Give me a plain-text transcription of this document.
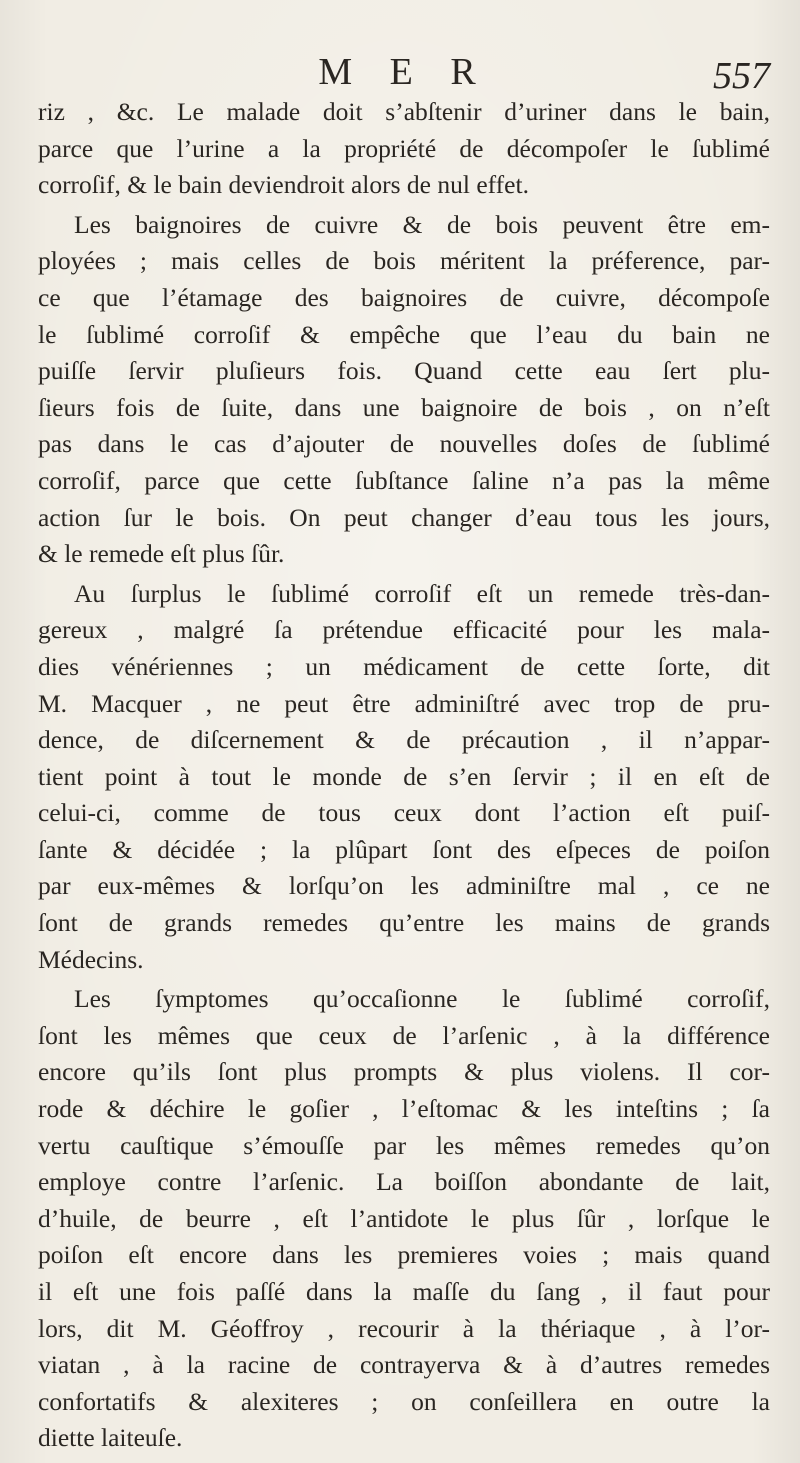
M E R	557

riz , &c. Le malade doit s’abſtenir d’uriner dans le bain,
parce que l’urine a la propriété de décompoſer le ſublimé
corroſif, & le bain deviendroit alors de nul effet.

Les baignoires de cuivre & de bois peuvent être em-
ployées ; mais celles de bois méritent la préference, par-
ce que l’étamage des baignoires de cuivre, décompoſe
le ſublimé corroſif & empêche que l’eau du bain ne
puiſſe ſervir pluſieurs fois. Quand cette eau ſert plu-
ſieurs fois de ſuite, dans une baignoire de bois , on n’eſt
pas dans le cas d’ajouter de nouvelles doſes de ſublimé
corroſif, parce que cette ſubſtance ſaline n’a pas la même
action ſur le bois. On peut changer d’eau tous les jours,
& le remede eſt plus ſûr.

Au ſurplus le ſublimé corroſif eſt un remede très-dan-
gereux , malgré ſa prétendue efficacité pour les mala-
dies vénériennes ; un médicament de cette ſorte, dit
M. Macquer , ne peut être adminiſtré avec trop de pru-
dence, de diſcernement & de précaution , il n’appar-
tient point à tout le monde de s’en ſervir ; il en eſt de
celui-ci, comme de tous ceux dont l’action eſt puiſ-
ſante & décidée ; la plûpart ſont des eſpeces de poiſon
par eux-mêmes & lorſqu’on les adminiſtre mal , ce ne
ſont de grands remedes qu’entre les mains de grands
Médecins.

Les ſymptomes qu’occaſionne le ſublimé corroſif,
ſont les mêmes que ceux de l’arſenic , à la différence
encore qu’ils ſont plus prompts & plus violens. Il cor-
rode & déchire le goſier , l’eſtomac & les inteſtins ; ſa
vertu cauſtique s’émouſſe par les mêmes remedes qu’on
employe contre l’arſenic. La boiſſon abondante de lait,
d’huile, de beurre , eſt l’antidote le plus ſûr , lorſque le
poiſon eſt encore dans les premieres voies ; mais quand
il eſt une fois paſſé dans la maſſe du ſang , il faut pour
lors, dit M. Géoffroy , recourir à la thériaque , à l’or-
viatan , à la racine de contrayerva & à d’autres remedes
confortatifs & alexiteres ; on conſeillera en outre la
diette laiteuſe.
